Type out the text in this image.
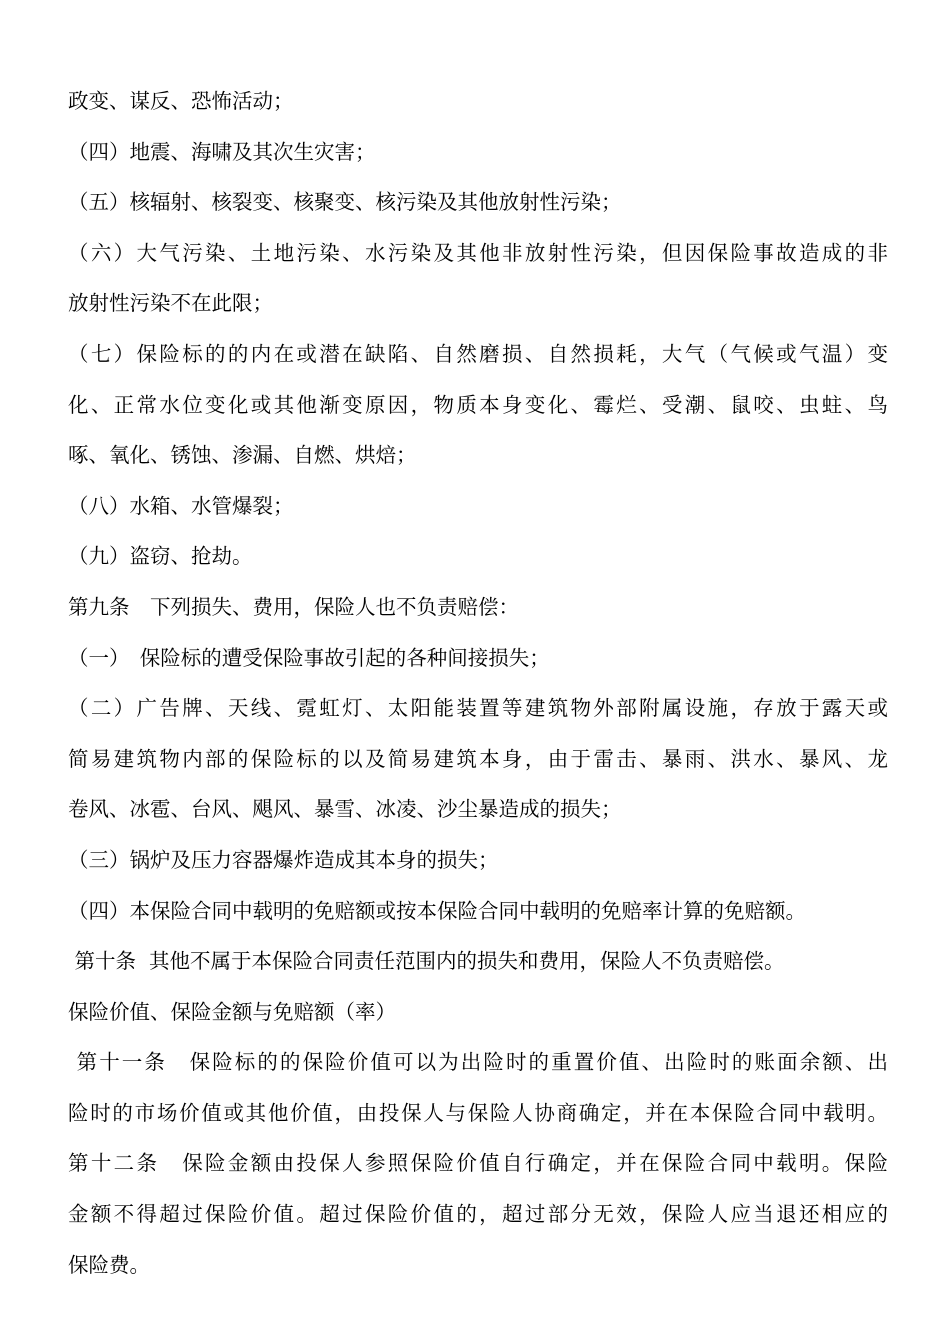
政变、谋反、恐怖活动；
（四）地震、海啸及其次生灾害；
（五）核辐射、核裂变、核聚变、核污染及其他放射性污染；
（六）大气污染、土地污染、水污染及其他非放射性污染，但因保险事故造成的非
放射性污染不在此限；
（七）保险标的的内在或潜在缺陷、自然磨损、自然损耗，大气（气候或气温）变
化、正常水位变化或其他渐变原因，物质本身变化、霉烂、受潮、鼠咬、虫蛀、鸟
啄、氧化、锈蚀、渗漏、自燃、烘焙；
（八）水箱、水管爆裂；
（九）盗窃、抢劫。
第九条　下列损失、费用，保险人也不负责赔偿：
（一）　保险标的遭受保险事故引起的各种间接损失；
（二）广告牌、天线、霓虹灯、太阳能装置等建筑物外部附属设施，存放于露天或
简易建筑物内部的保险标的以及简易建筑本身，由于雷击、暴雨、洪水、暴风、龙
卷风、冰雹、台风、飓风、暴雪、冰凌、沙尘暴造成的损失；
（三）锅炉及压力容器爆炸造成其本身的损失；
（四）本保险合同中载明的免赔额或按本保险合同中载明的免赔率计算的免赔额。
第十条  其他不属于本保险合同责任范围内的损失和费用，保险人不负责赔偿。
保险价值、保险金额与免赔额（率）
第十一条　保险标的的保险价值可以为出险时的重置价值、出险时的账面余额、出
险时的市场价值或其他价值，由投保人与保险人协商确定，并在本保险合同中载明。
第十二条　保险金额由投保人参照保险价值自行确定，并在保险合同中载明。保险
金额不得超过保险价值。超过保险价值的，超过部分无效，保险人应当退还相应的
保险费。
